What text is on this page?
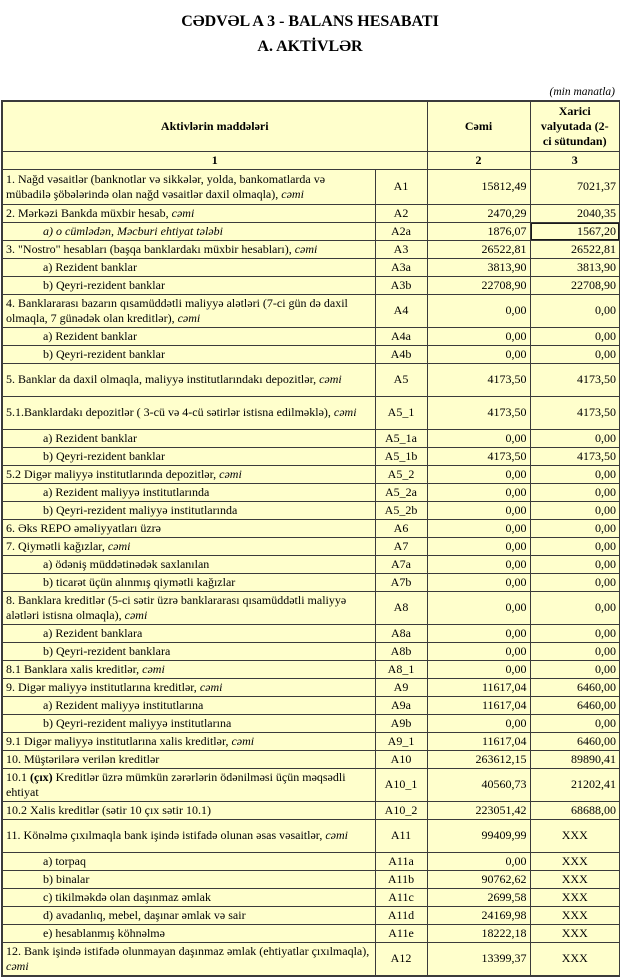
CƏDVƏL A 3 - BALANS HESABATI
A. AKTİVLƏR
(min manatla)
Aktivlərin maddələri		Cəmi	Xarici
valyutada (2-
ci sütundan)

1		2	3
1. Nağd vəsaitlər (banknotlar və sikkələr, yolda, bankomatlarda və mübadilə şöbələrində olan nağd vəsaitlər daxil olmaqla), cəmi	A1	15812,49	7021,37
2. Mərkəzi Bankda müxbir hesab, cəmi	A2	2470,29	2040,35
a) o cümlədən, Məcburi ehtiyat tələbi	A2a	1876,07	1567,20
3. "Nostro" hesabları (başqa banklardakı müxbir hesabları), cəmi	A3	26522,81	26522,81
a) Rezident banklar	A3a	3813,90	3813,90
b) Qeyri-rezident banklar	A3b	22708,90	22708,90
4. Banklararası bazarın qısamüddətli maliyyə alətləri (7-ci gün də daxil olmaqla, 7 günədək olan kreditlər), cəmi	A4	0,00	0,00
a) Rezident banklar	A4a	0,00	0,00
b) Qeyri-rezident banklar	A4b	0,00	0,00
5. Banklar da daxil olmaqla, maliyyə institutlarındakı depozitlər, cəmi	A5	4173,50	4173,50
5.1.Banklardakı depozitlər ( 3-cü və 4-cü sətirlər istisna edilməklə), cəmi	A5_1	4173,50	4173,50
a) Rezident banklar	A5_1a	0,00	0,00
b) Qeyri-rezident banklar	A5_1b	4173,50	4173,50
5.2 Digər maliyyə institutlarında depozitlər, cəmi	A5_2	0,00	0,00
a) Rezident maliyyə institutlarında	A5_2a	0,00	0,00
b) Qeyri-rezident maliyyə institutlarında	A5_2b	0,00	0,00
6. Əks REPO əməliyyatları üzrə	A6	0,00	0,00
7. Qiymətli kağızlar, cəmi	A7	0,00	0,00
a) ödəniş müddətinədək saxlanılan	A7a	0,00	0,00
b) ticarət üçün alınmış qiymətli kağızlar	A7b	0,00	0,00
8. Banklara kreditlər (5-ci sətir üzrə banklararası qısamüddətli maliyyə alətləri istisna olmaqla), cəmi	A8	0,00	0,00
a) Rezident banklara	A8a	0,00	0,00
b) Qeyri-rezident banklara	A8b	0,00	0,00
8.1 Banklara xalis kreditlər, cəmi	A8_1	0,00	0,00
9. Digər maliyyə institutlarına kreditlər, cəmi	A9	11617,04	6460,00
a) Rezident maliyyə institutlarına	A9a	11617,04	6460,00
b) Qeyri-rezident maliyyə institutlarına	A9b	0,00	0,00
9.1 Digər maliyyə institutlarına xalis kreditlər, cəmi	A9_1	11617,04	6460,00
10. Müştərilərə verilən kreditlər	A10	263612,15	89890,41
10.1 (çıx) Kreditlər üzrə mümkün zərərlərin ödənilməsi üçün məqsədli ehtiyat	A10_1	40560,73	21202,41
10.2 Xalis kreditlər (sətir 10 çıx sətir 10.1)	A10_2	223051,42	68688,00
11. Könəlmə çıxılmaqla bank işində istifadə olunan əsas vəsaitlər, cəmi	A11	99409,99	XXX
a) torpaq	A11a	0,00	XXX
b) binalar	A11b	90762,62	XXX
c) tikilməkdə olan daşınmaz əmlak	A11c	2699,58	XXX
d) avadanlıq, mebel, daşınar əmlak və sair	A11d	24169,98	XXX
e) hesablanmış köhnəlmə	A11e	18222,18	XXX
12. Bank işində istifadə olunmayan daşınmaz əmlak (ehtiyatlar çıxılmaqla), cəmi	A12	13399,37	XXX
